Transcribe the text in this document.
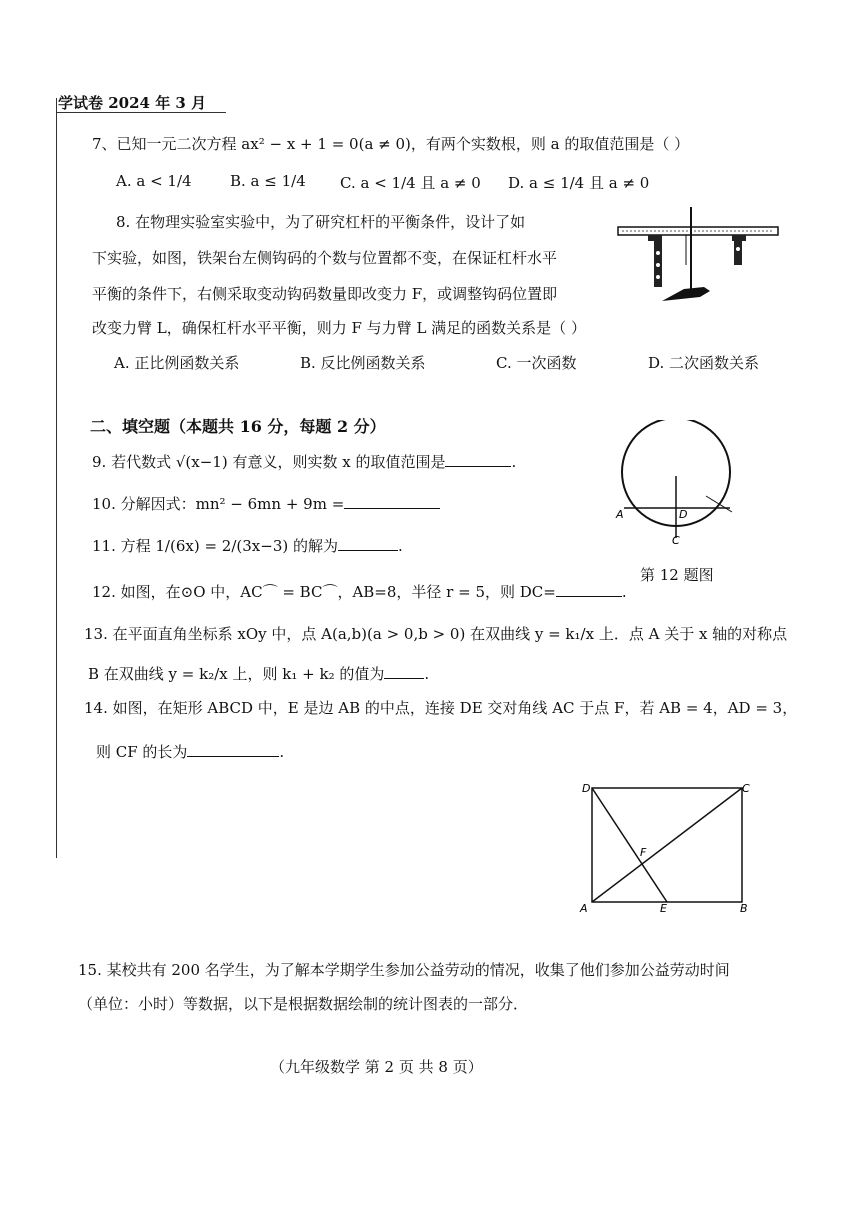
学试卷 2024 年 3 月
7、已知一元二次方程 ax² − x + 1 = 0(a ≠ 0)，有两个实数根，则 a 的取值范围是（ ）
A. a < 1/4	B. a ≤ 1/4 C. a < 1/4 且 a ≠ 0 D. a ≤ 1/4 且 a ≠ 0
8. 在物理实验室实验中，为了研究杠杆的平衡条件，设计了如
下实验，如图，铁架台左侧钩码的个数与位置都不变，在保证杠杆水平
平衡的条件下，右侧采取变动钩码数量即改变力 F，或调整钩码位置即
改变力臂 L，确保杠杆水平平衡，则力 F 与力臂 L 满足的函数关系是（ ）
A. 正比例函数关系	B. 反比例函数关系	C. 一次函数	D. 二次函数关系
二、填空题（本题共 16 分，每题 2 分）
9. 若代数式 √(x−1) 有意义，则实数 x 的取值范围是	.
10. 分解因式：mn² − 6mn + 9m =
11. 方程 1/(6x) = 2/(3x−3) 的解为	.
12. 如图，在⊙O 中，AC⌒ = BC⌒，AB=8，半径 r = 5，则 DC=	.
A	D
C
第 12 题图
13. 在平面直角坐标系 xOy 中，点 A(a,b)(a > 0,b > 0) 在双曲线 y = k₁/x 上．点 A 关于 x 轴的对称点
B 在双曲线 y = k₂/x 上，则 k₁ + k₂ 的值为	.
14. 如图，在矩形 ABCD 中，E 是边 AB 的中点，连接 DE 交对角线 AC 于点 F，若 AB = 4，AD = 3，
则 CF 的长为	.
D	C
F
A	E	B
15. 某校共有 200 名学生，为了解本学期学生参加公益劳动的情况，收集了他们参加公益劳动时间
（单位：小时）等数据，以下是根据数据绘制的统计图表的一部分．
（九年级数学 第 2 页 共 8 页）
